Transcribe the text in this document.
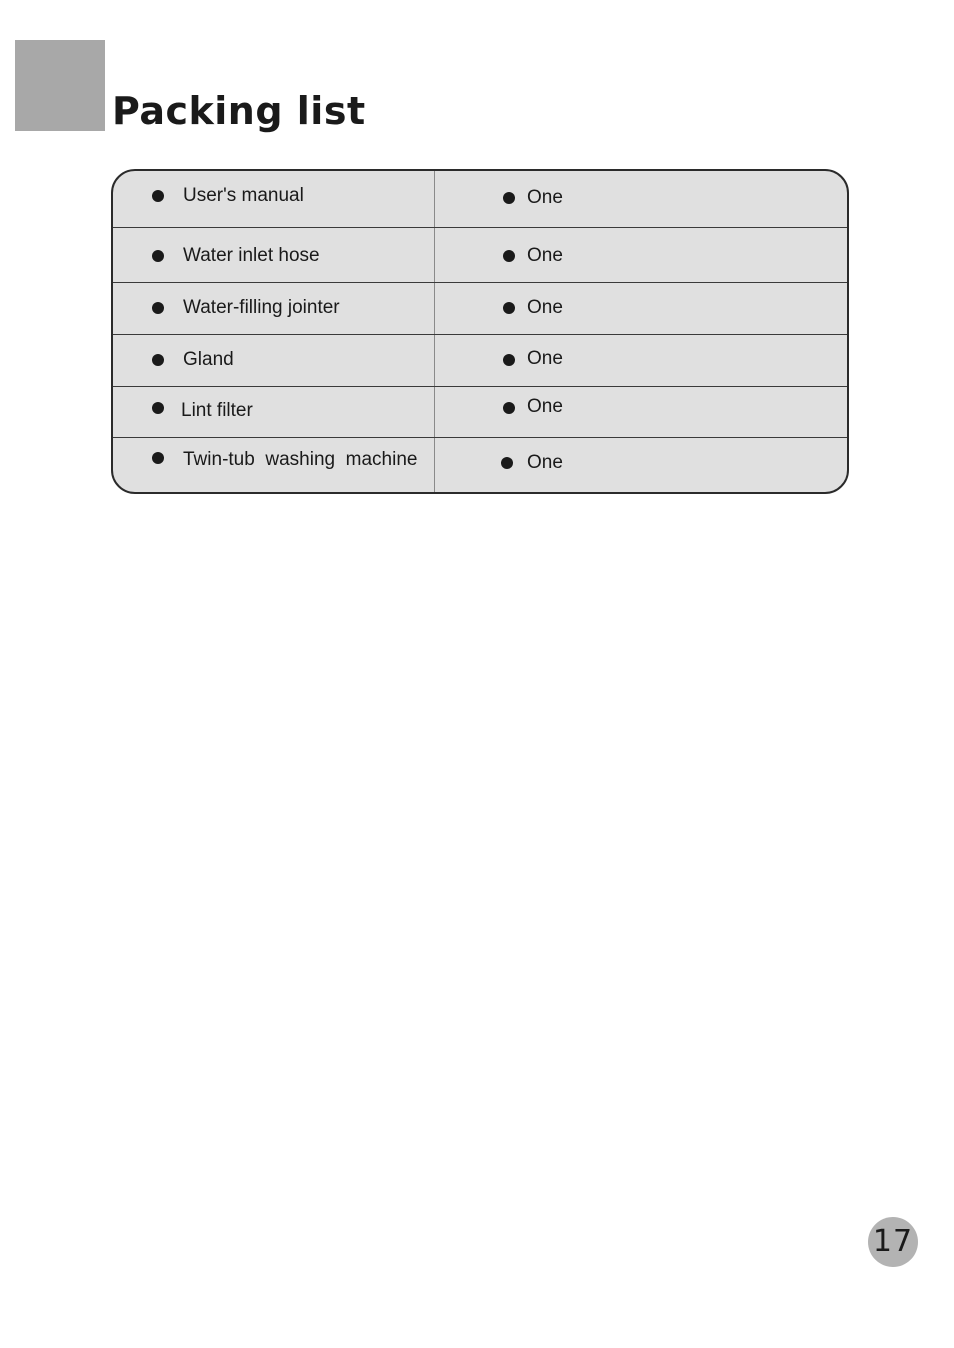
Packing list
User's manual	One
Water inlet hose	One
Water-filling jointer	One
Gland	One
Lint filter	One
Twin-tub  washing  machine	One
17
